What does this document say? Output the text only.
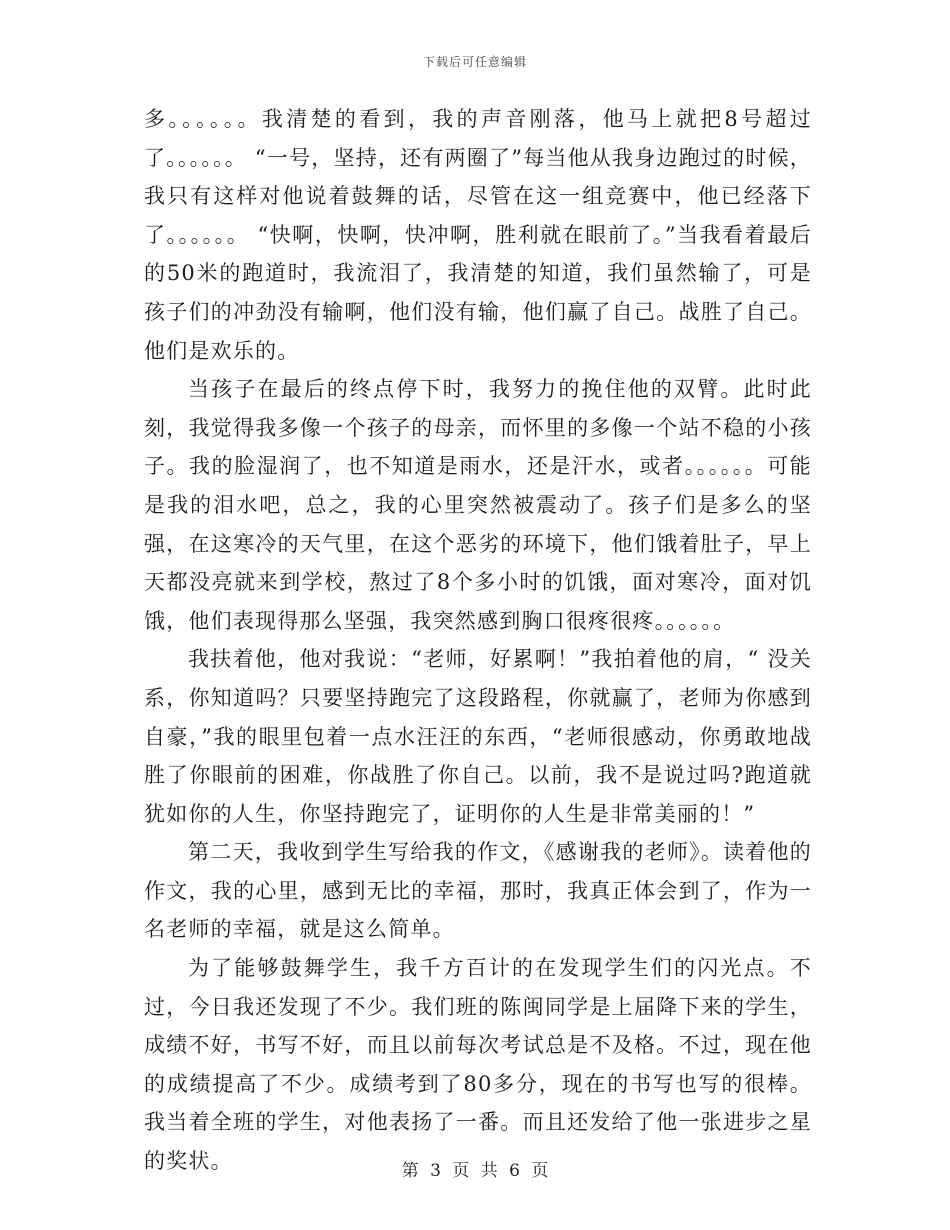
下载后可任意编辑

多。。。。。。我清楚的看到，我的声音刚落，他马上就把8号超过了。。。。。。 “一号，坚持，还有两圈了”每当他从我身边跑过的时候，我只有这样对他说着鼓舞的话，尽管在这一组竞赛中，他已经落下了。。。。。。 “快啊，快啊，快冲啊，胜利就在眼前了。”当我看着最后的50米的跑道时，我流泪了，我清楚的知道，我们虽然输了，可是孩子们的冲劲没有输啊，他们没有输，他们赢了自己。战胜了自己。他们是欢乐的。

当孩子在最后的终点停下时，我努力的挽住他的双臂。此时此刻，我觉得我多像一个孩子的母亲，而怀里的多像一个站不稳的小孩子。我的脸湿润了，也不知道是雨水，还是汗水，或者。。。。。。可能是我的泪水吧，总之，我的心里突然被震动了。孩子们是多么的坚强，在这寒冷的天气里，在这个恶劣的环境下，他们饿着肚子，早上天都没亮就来到学校，熬过了8个多小时的饥饿，面对寒冷，面对饥饿，他们表现得那么坚强，我突然感到胸口很疼很疼。。。。。。

我扶着他，他对我说：“老师，好累啊！”我拍着他的肩，“ 没关系，你知道吗？只要坚持跑完了这段路程，你就赢了，老师为你感到自豪，”我的眼里包着一点水汪汪的东西，“老师很感动，你勇敢地战胜了你眼前的困难，你战胜了你自己。以前，我不是说过吗?跑道就犹如你的人生，你坚持跑完了，证明你的人生是非常美丽的！”

第二天，我收到学生写给我的作文，《感谢我的老师》。读着他的作文，我的心里，感到无比的幸福，那时，我真正体会到了，作为一名老师的幸福，就是这么简单。

为了能够鼓舞学生，我千方百计的在发现学生们的闪光点。不过，今日我还发现了不少。我们班的陈闽同学是上届降下来的学生，成绩不好，书写不好，而且以前每次考试总是不及格。不过，现在他的成绩提高了不少。成绩考到了80多分，现在的书写也写的很棒。我当着全班的学生，对他表扬了一番。而且还发给了他一张进步之星的奖状。	第 3 页 共 6 页
